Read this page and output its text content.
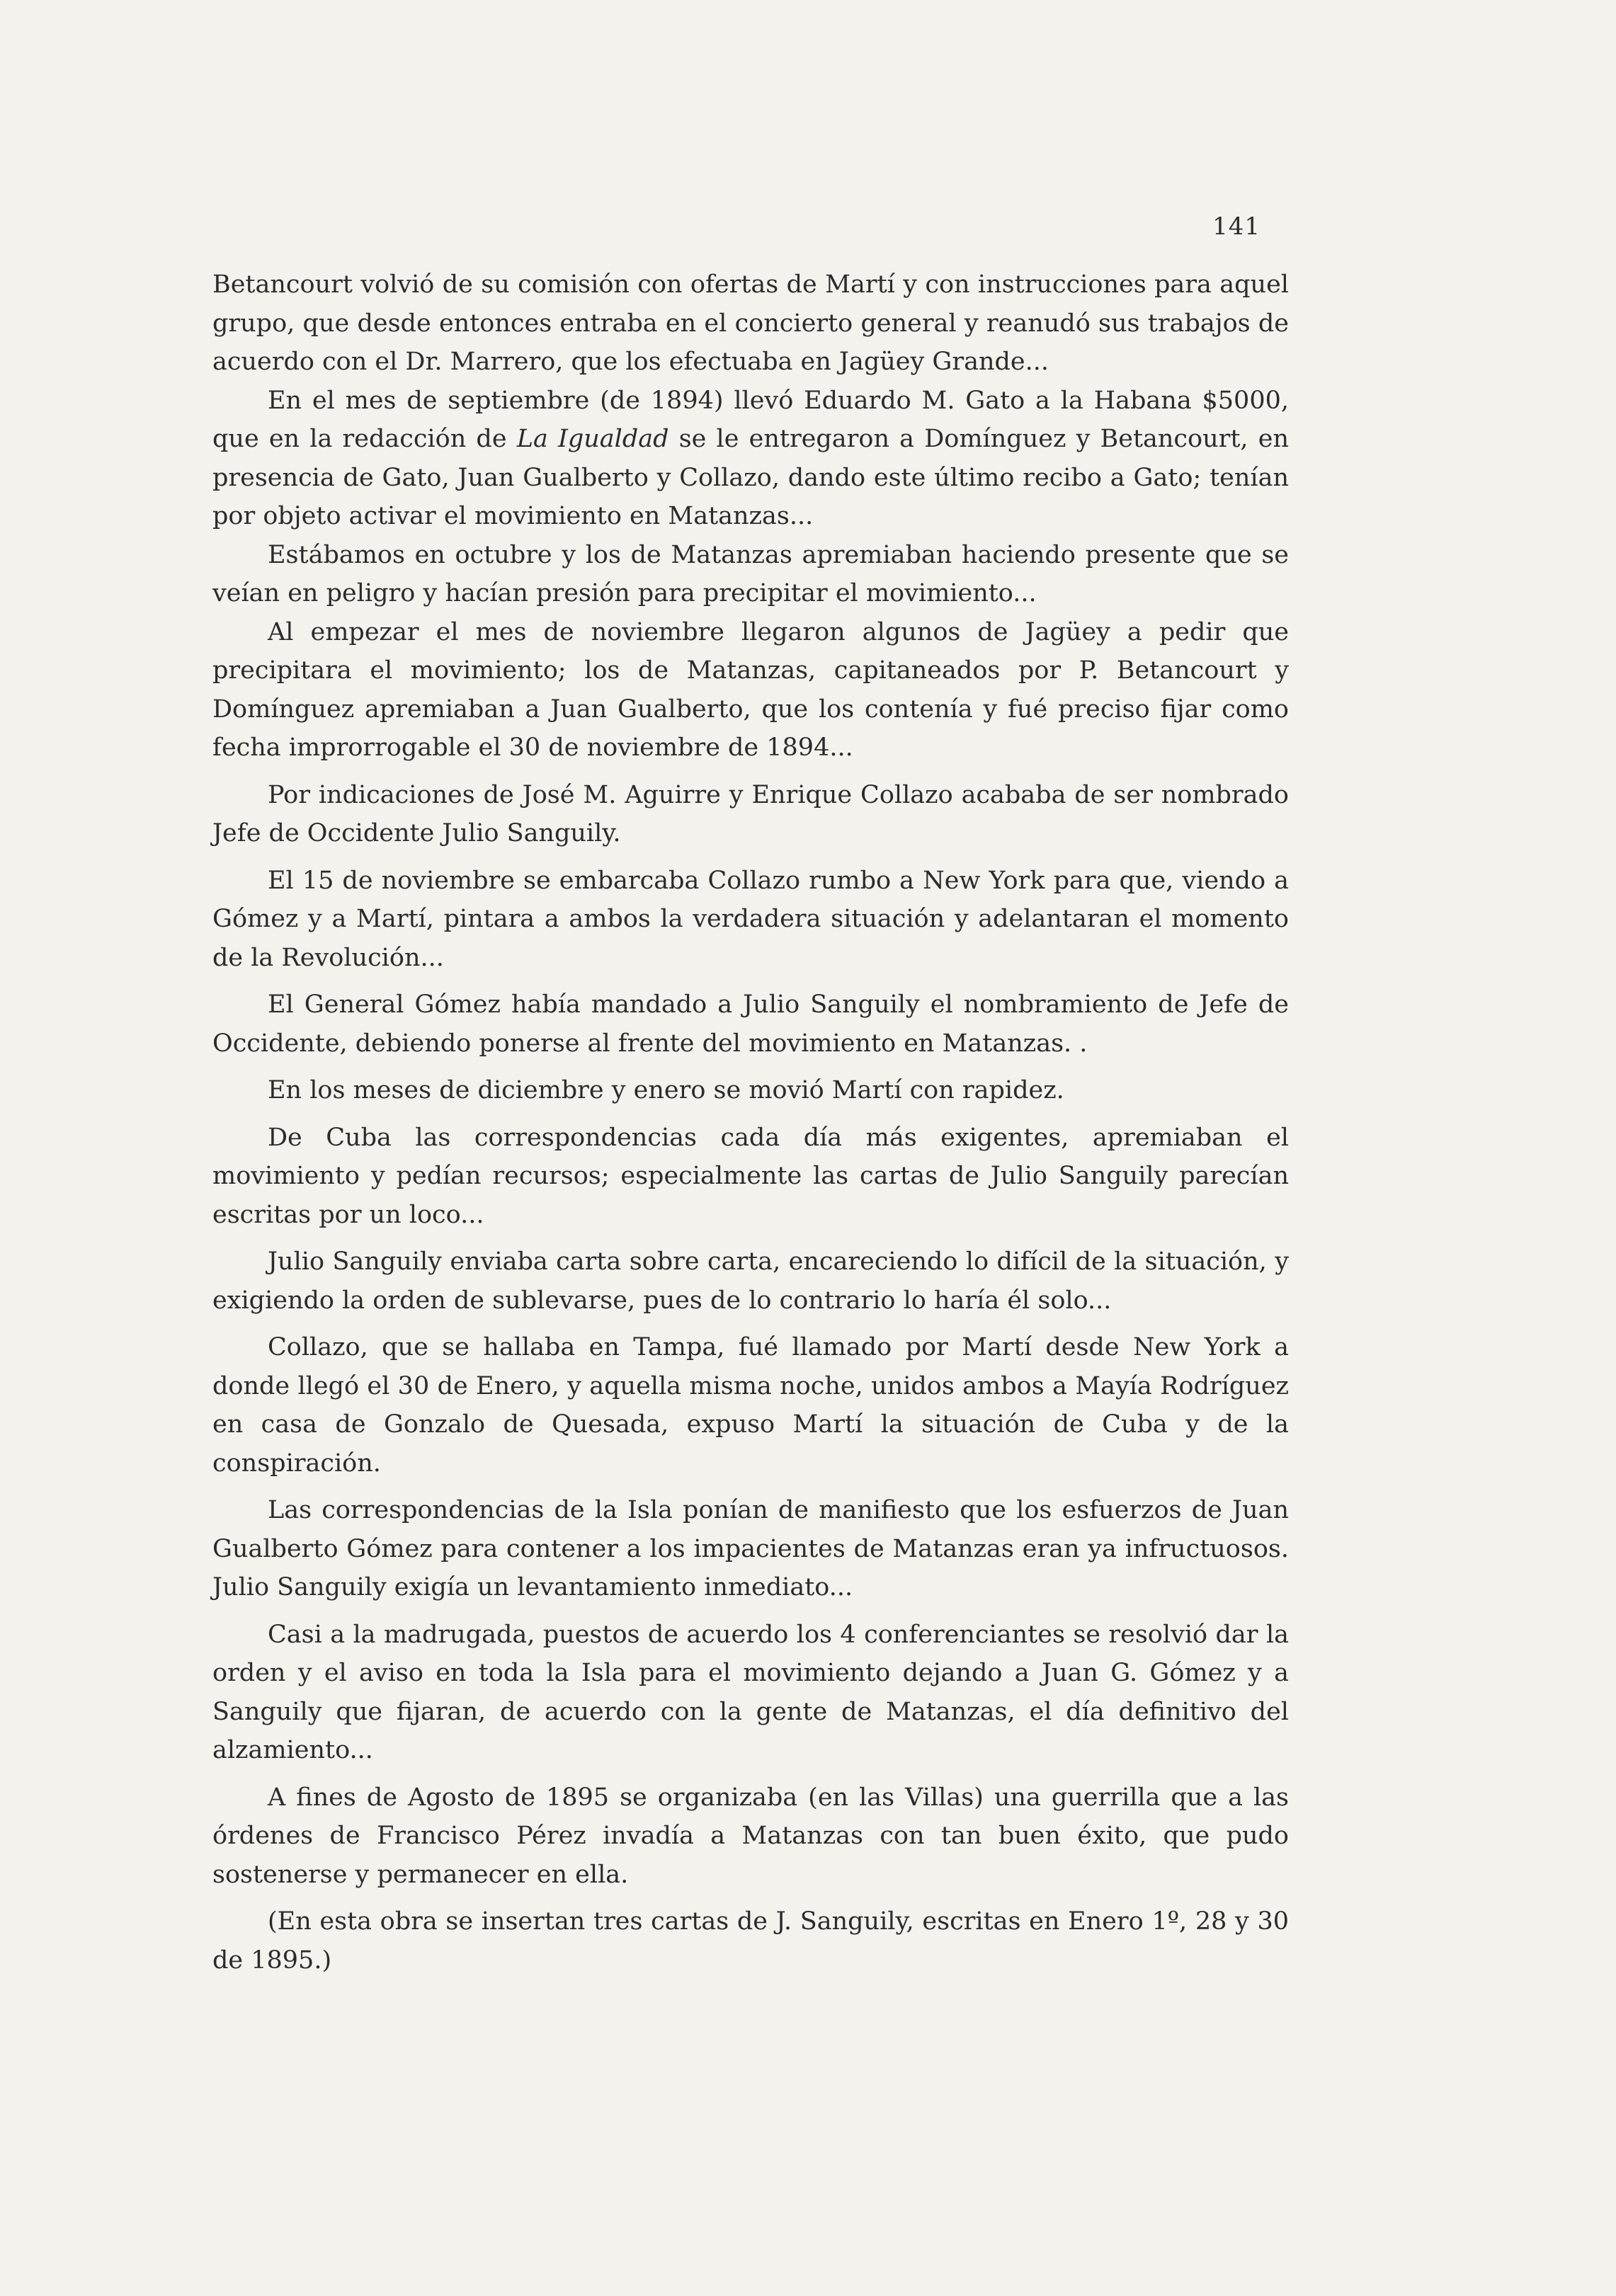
141

Betancourt volvió de su comisión con ofertas de Martí y con instrucciones para aquel grupo, que desde entonces entraba en el concierto general y reanudó sus trabajos de acuerdo con el Dr. Marrero, que los efectuaba en Jagüey Grande...

En el mes de septiembre (de 1894) llevó Eduardo M. Gato a la Habana $5000, que en la redacción de La Igualdad se le entregaron a Domínguez y Betancourt, en presencia de Gato, Juan Gualberto y Collazo, dando este último recibo a Gato; tenían por objeto activar el movimiento en Matanzas...

Estábamos en octubre y los de Matanzas apremiaban haciendo presente que se veían en peligro y hacían presión para precipitar el movimiento...

Al empezar el mes de noviembre llegaron algunos de Jagüey a pedir que precipitara el movimiento; los de Matanzas, capitaneados por P. Betancourt y Domínguez apremiaban a Juan Gualberto, que los contenía y fué preciso fijar como fecha improrrogable el 30 de noviembre de 1894...

Por indicaciones de José M. Aguirre y Enrique Collazo acababa de ser nombrado Jefe de Occidente Julio Sanguily.

El 15 de noviembre se embarcaba Collazo rumbo a New York para que, viendo a Gómez y a Martí, pintara a ambos la verdadera situación y adelantaran el momento de la Revolución...

El General Gómez había mandado a Julio Sanguily el nombramiento de Jefe de Occidente, debiendo ponerse al frente del movimiento en Matanzas. .

En los meses de diciembre y enero se movió Martí con rapidez.

De Cuba las correspondencias cada día más exigentes, apremiaban el movimiento y pedían recursos; especialmente las cartas de Julio Sanguily parecían escritas por un loco...

Julio Sanguily enviaba carta sobre carta, encareciendo lo difícil de la situación, y exigiendo la orden de sublevarse, pues de lo contrario lo haría él solo...

Collazo, que se hallaba en Tampa, fué llamado por Martí desde New York a donde llegó el 30 de Enero, y aquella misma noche, unidos ambos a Mayía Rodríguez en casa de Gonzalo de Quesada, expuso Martí la situación de Cuba y de la conspiración.

Las correspondencias de la Isla ponían de manifiesto que los esfuerzos de Juan Gualberto Gómez para contener a los impacientes de Matanzas eran ya infructuosos. Julio Sanguily exigía un levantamiento inmediato...

Casi a la madrugada, puestos de acuerdo los 4 conferenciantes se resolvió dar la orden y el aviso en toda la Isla para el movimiento dejando a Juan G. Gómez y a Sanguily que fijaran, de acuerdo con la gente de Matanzas, el día definitivo del alzamiento...

A fines de Agosto de 1895 se organizaba (en las Villas) una guerrilla que a las órdenes de Francisco Pérez invadía a Matanzas con tan buen éxito, que pudo sostenerse y permanecer en ella.

(En esta obra se insertan tres cartas de J. Sanguily, escritas en Enero 1º, 28 y 30 de 1895.)
